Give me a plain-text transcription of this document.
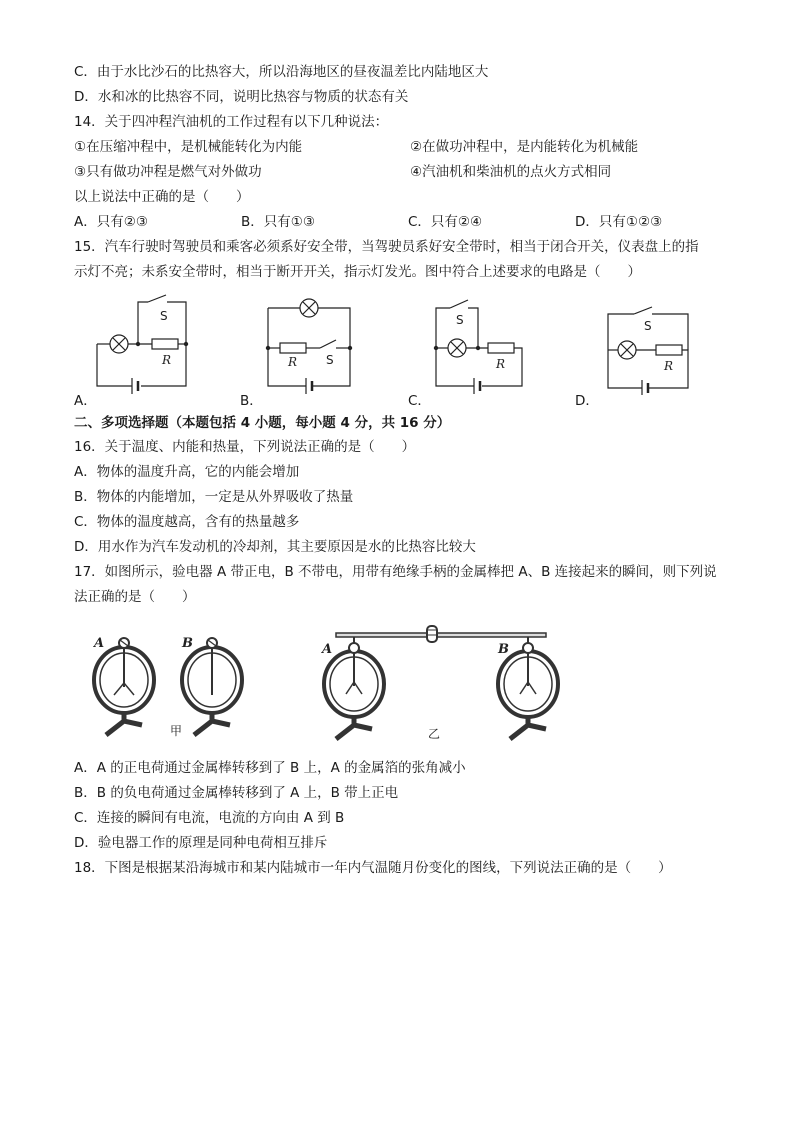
C．由于水比沙石的比热容大，所以沿海地区的昼夜温差比内陆地区大
D．水和冰的比热容不同，说明比热容与物质的状态有关
14．关于四冲程汽油机的工作过程有以下几种说法：
①在压缩冲程中，是机械能转化为内能	②在做功冲程中，是内能转化为机械能
③只有做功冲程是燃气对外做功	④汽油机和柴油机的点火方式相同
以上说法中正确的是（　　）
A．只有②③	B．只有①③	C．只有②④	D．只有①②③
15．汽车行驶时驾驶员和乘客必须系好安全带，当驾驶员系好安全带时，相当于闭合开关，仪表盘上的指
示灯不亮；未系安全带时，相当于断开开关，指示灯发光。图中符合上述要求的电路是（　　）
S
R
A．
S
R
B．
S
R
C．
S
R
D．
二、多项选择题（本题包括 4 小题，每小题 4 分，共 16 分）
16．关于温度、内能和热量，下列说法正确的是（　　）
A．物体的温度升高，它的内能会增加
B．物体的内能增加，一定是从外界吸收了热量
C．物体的温度越高，含有的热量越多
D．用水作为汽车发动机的冷却剂，其主要原因是水的比热容比较大
17．如图所示，验电器 A 带正电，B 不带电，用带有绝缘手柄的金属棒把 A、B 连接起来的瞬间，则下列说
法正确的是（　　）
A	B
甲
A	B
乙
A．A 的正电荷通过金属棒转移到了 B 上，A 的金属箔的张角减小
B．B 的负电荷通过金属棒转移到了 A 上，B 带上正电
C．连接的瞬间有电流，电流的方向由 A 到 B
D．验电器工作的原理是同种电荷相互排斥
18．下图是根据某沿海城市和某内陆城市一年内气温随月份变化的图线，下列说法正确的是（　　）
